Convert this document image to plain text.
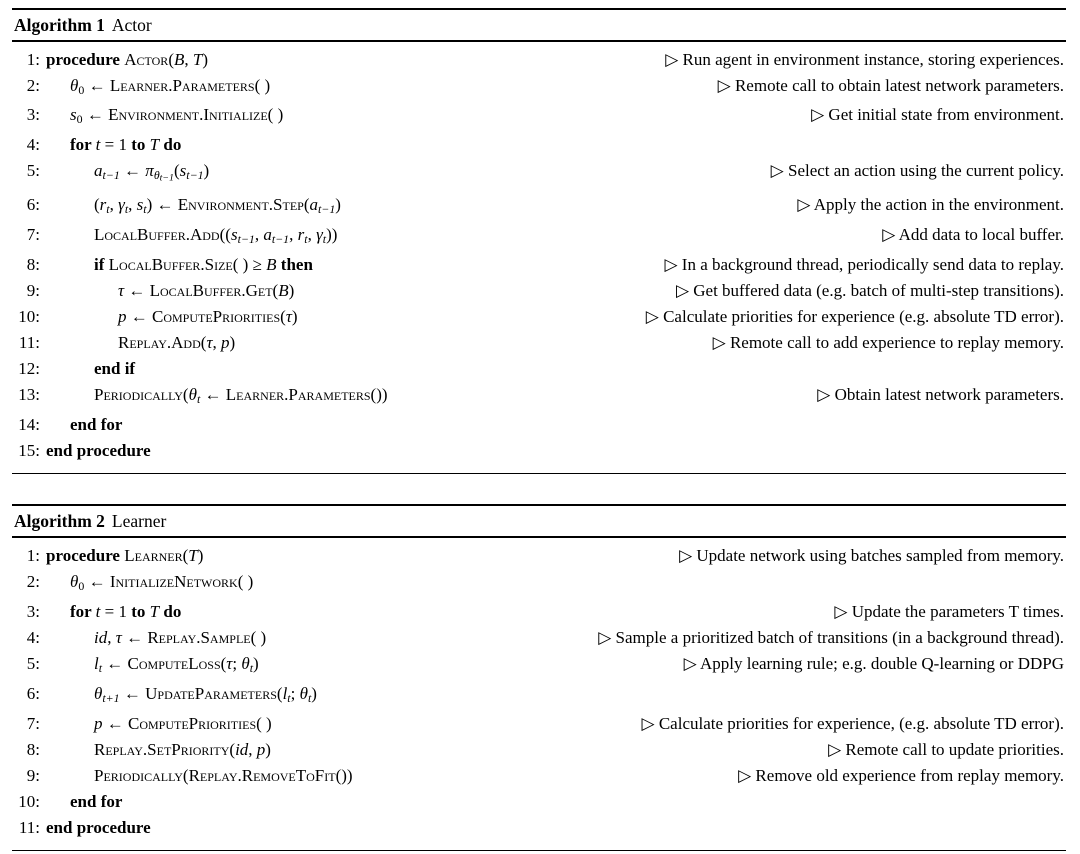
Algorithm 1 Actor
1: procedure Actor(B, T)	▷ Run agent in environment instance, storing experiences.
2: θ0 ← Learner.Parameters( )	▷ Remote call to obtain latest network parameters.
3: s0 ← Environment.Initialize( )	▷ Get initial state from environment.
4: for t = 1 to T do
5:	at−1 ← $\pi\theta_{t-1}(st-1)$	▷ Select an action using the current policy.
6:	(rt, γt, st) ← Environment.Step(at−1)	▷ Apply the action in the environment.
7:	LocalBuffer.Add((st−1, at−1, rt, γt))	▷ Add data to local buffer.
8:	if LocalBuffer.Size( ) ≥ B then	▷ In a background thread, periodically send data to replay.
9:	τ ← LocalBuffer.Get(B)	▷ Get buffered data (e.g. batch of multi-step transitions).
10:	p ← ComputePriorities(τ)	▷ Calculate priorities for experience (e.g. absolute TD error).
11:	Replay.Add(τ, p)	▷ Remote call to add experience to replay memory.
12:	end if
13:	Periodically(θt ← Learner.Parameters())	▷ Obtain latest network parameters.
14: end for
15: end procedure
Algorithm 2 Learner
1: procedure Learner(T)	▷ Update network using batches sampled from memory.
2: θ0 ← InitializeNetwork( )
3: for t = 1 to T do	▷ Update the parameters T times.
4:	id, τ ← Replay.Sample( )	▷ Sample a prioritized batch of transitions (in a background thread).
5:	lt ← ComputeLoss(τ; θt)	▷ Apply learning rule; e.g. double Q-learning or DDPG
6:	θt+1 ← UpdateParameters(lt; θt)
7:	p ← ComputePriorities( )	▷ Calculate priorities for experience, (e.g. absolute TD error).
8:	Replay.SetPriority(id, p)	▷ Remote call to update priorities.
9:	Periodically(Replay.RemoveToFit())	▷ Remove old experience from replay memory.
10: end for
11: end procedure
